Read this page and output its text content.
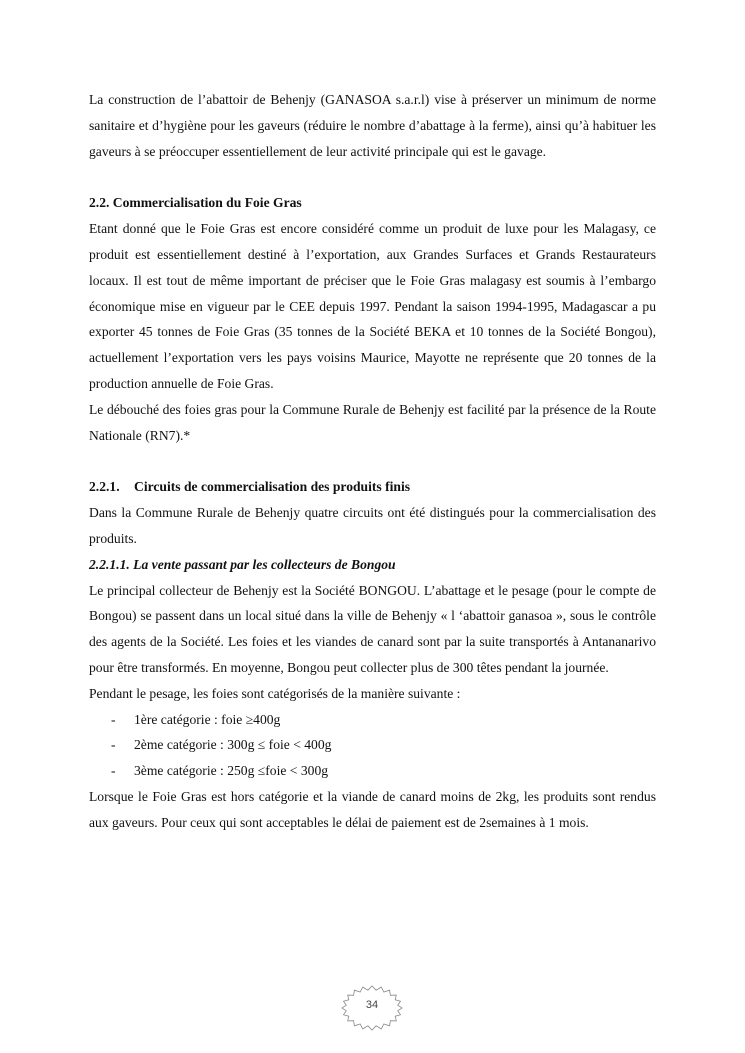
La construction de l’abattoir de Behenjy (GANASOA s.a.r.l) vise à préserver un minimum de norme sanitaire et d’hygiène pour les gaveurs (réduire le nombre d’abattage à la ferme), ainsi qu’à habituer les gaveurs à se préoccuper essentiellement de leur activité principale qui est le gavage.

2.2. Commercialisation du Foie Gras

Etant donné que le Foie Gras est encore considéré comme un produit de luxe pour les Malagasy, ce produit est essentiellement destiné à l’exportation, aux Grandes Surfaces et Grands Restaurateurs locaux. Il est tout de même important de préciser que le Foie Gras malagasy est soumis à l’embargo économique mise en vigueur par le CEE depuis 1997. Pendant la saison 1994-1995, Madagascar a pu exporter 45 tonnes de Foie Gras (35 tonnes de la Société BEKA et 10 tonnes de la Société Bongou), actuellement l’exportation vers les pays voisins Maurice, Mayotte ne représente que 20 tonnes de la production annuelle de Foie Gras.

Le débouché des foies gras pour la Commune Rurale de Behenjy est facilité par la présence de la Route Nationale (RN7).*

2.2.1. Circuits de commercialisation des produits finis

Dans la Commune Rurale de Behenjy quatre circuits ont été distingués pour la commercialisation des produits.

2.2.1.1. La vente passant par les collecteurs de Bongou

Le principal collecteur de Behenjy est la Société BONGOU. L’abattage et le pesage (pour le compte de Bongou) se passent dans un local situé dans la ville de Behenjy « l ‘abattoir ganasoa », sous le contrôle des agents de la Société. Les foies et les viandes de canard sont par la suite transportés à Antananarivo pour être transformés. En moyenne, Bongou peut collecter plus de 300 têtes pendant la journée.

Pendant le pesage, les foies sont catégorisés de la manière suivante :

- 1ère catégorie : foie ≥400g
- 2ème catégorie : 300g ≤ foie < 400g
- 3ème catégorie : 250g ≤foie < 300g

Lorsque le Foie Gras est hors catégorie et la viande de canard moins de 2kg, les produits sont rendus aux gaveurs. Pour ceux qui sont acceptables le délai de paiement est de 2semaines à 1 mois.

34
